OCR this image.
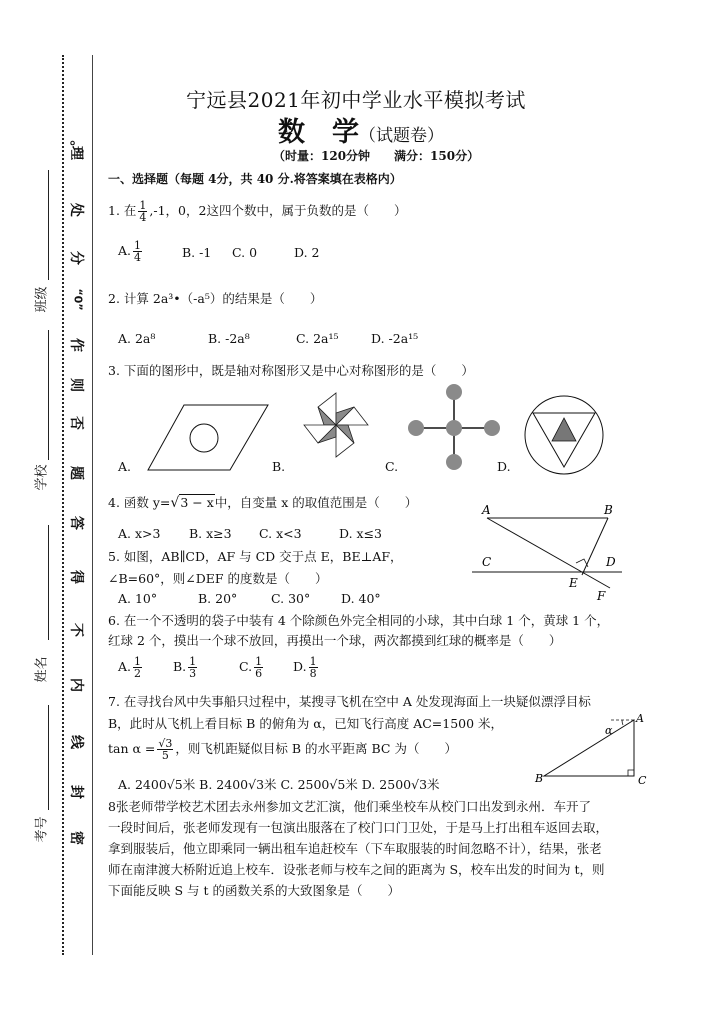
班级
学校
姓名
考号
理
。
处
分
“0”
作
则
否
题
答
得
不
内
线
封
密
宁远县2021年初中学业水平模拟考试
数　学（试题卷）
（时量：120分钟　　满分：150分）
一、选择题（每题 4分，共 40 分.将答案填在表格内）
1. 在 $\frac{1}{4} ,-1$，0，2这四个数中，属于负数的是（　　）
A. $\frac{1}{4}$	B. -1 C. 0	D. 2
2. 计算 2a³•（-a⁵）的结果是（　　）
A. 2a⁸	B. -2a⁸	C. 2a¹⁵	D. -2a¹⁵
3. 下面的图形中，既是轴对称图形又是中心对称图形的是（　　）
A.	B.	C.	D.
4. 函数 y=√3 − x中，自变量 x 的取值范围是（　　）
A. x>3 B. x≥3 C. x<3	D. x≤3
A	B
C	D
E
F
5. 如图，AB∥CD，AF 与 CD 交于点 E，BE⊥AF，
∠B=60°，则∠DEF 的度数是（　　）
A. 10°	B. 20°	C. 30° D. 40°
6. 在一个不透明的袋子中装有 4 个除颜色外完全相同的小球，其中白球 1 个，黄球 1 个，
红球 2 个，摸出一个球不放回，再摸出一个球，两次都摸到红球的概率是（　　）
A. $\frac{1}{2} B$. $\frac{1}{3}$	C. $\frac{1}{6} D$. $\frac{1}{8}$
7. 在寻找台风中失事船只过程中，某搜寻飞机在空中 A 处发现海面上一块疑似漂浮目标
B，此时从飞机上看目标 B 的俯角为 α，已知飞行高度 AC=1500 米，
$\tan \alpha = \frac{√3}{5}$ ，则飞机距疑似目标 B 的水平距离 BC 为（　　）
A. 2400√5米 B. 2400√3米 C. 2500√5米 D. 2500√3米
α
A
B	C
8张老师带学校艺术团去永州参加文艺汇演，他们乘坐校车从校门口出发到永州．车开了
一段时间后，张老师发现有一包演出服落在了校门口门卫处，于是马上打出租车返回去取，
拿到服装后，他立即乘同一辆出租车追赶校车（下车取服装的时间忽略不计），结果，张老
师在南津渡大桥附近追上校车．设张老师与校车之间的距离为 S，校车出发的时间为 t，则
下面能反映 S 与 t 的函数关系的大致图象是（　　）
